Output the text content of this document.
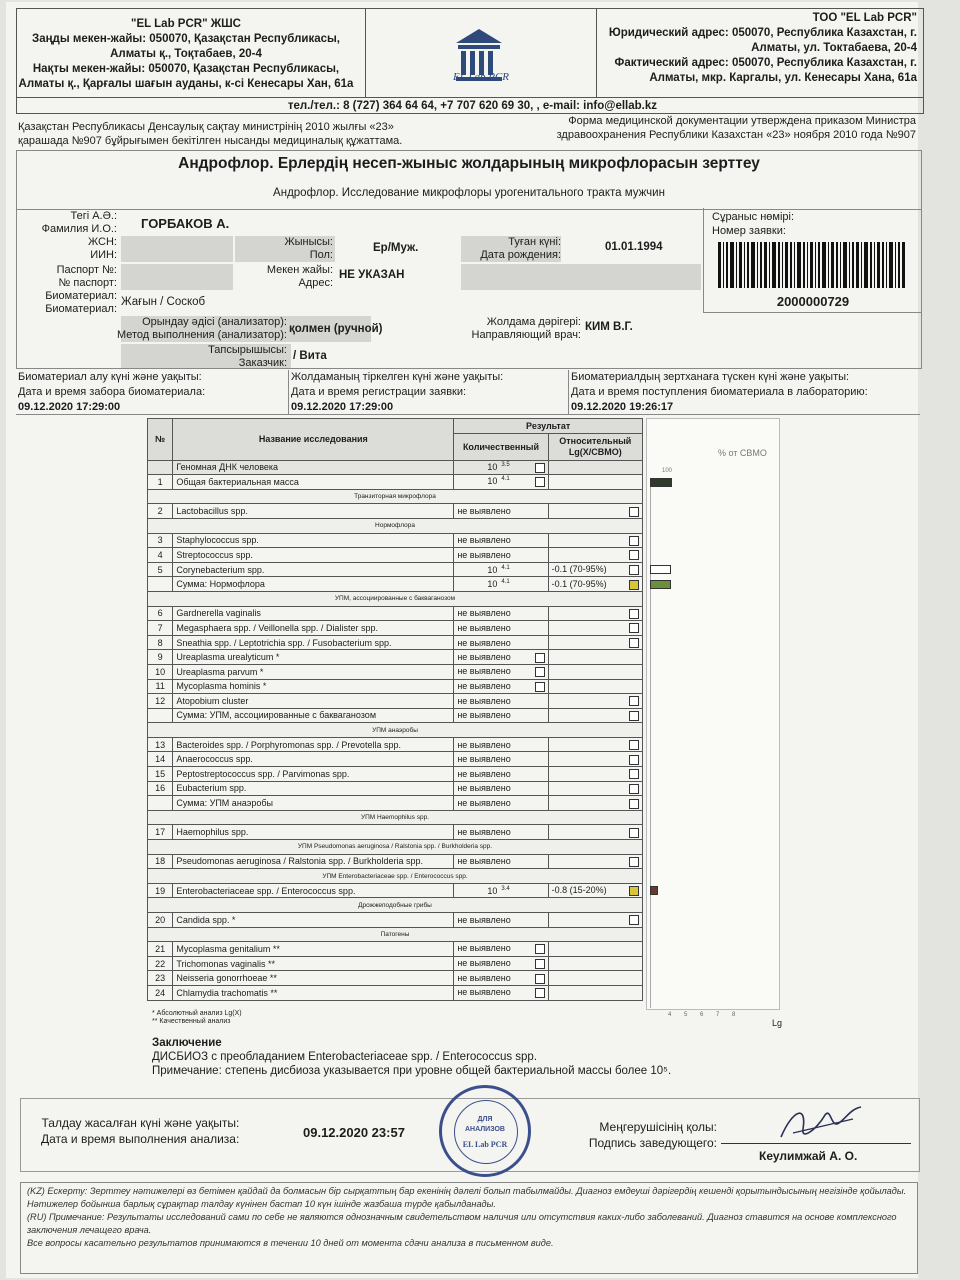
"EL Lab PCR" ЖШС
Заңды мекен-жайы: 050070, Қазақстан Республикасы,
Алматы қ., Тоқтабаев, 20-4
Нақты мекен-жайы: 050070, Қазақстан Республикасы,
Алматы қ., Қарғалы шағын ауданы, к-сі Кенесары Хан, 61а
EL Lab PCR
ТОО "EL Lab PCR"
Юридический адрес: 050070, Республика Казахстан, г.
Алматы, ул. Токтабаева, 20-4
Фактический адрес: 050070, Республика Казахстан, г.
Алматы, мкр. Каргалы, ул. Кенесары Хана, 61а
тел./тел.: 8 (727) 364 64 64, +7 707 620 69 30, , e-mail: info@ellab.kz
Қазақстан Республикасы Денсаулық сақтау министрінің 2010 жылғы «23»
қарашада №907 бұйрығымен бекітілген нысанды медициналық құжаттама.
Форма медицинской документации утверждена приказом Министра
здравоохранения Республики Казахстан «23» ноября 2010 года №907
Андрофлор. Ерлердің несеп-жыныс жолдарының микрофлорасын зерттеу
Андрофлор. Исследование микрофлоры урогенитального тракта мужчин
Тегі А.Ә.:
Фамилия И.О.: ГОРБАКОВ А.
ЖСН:
ИИН:
Паспорт №:
№ паспорт:
Биоматериал:
Биоматериал:
Жағын / Соскоб
Жынысы:
Пол:
Ер/Муж.
Мекен жайы:
Адрес:
НЕ УКАЗАН
Туған күні:
Дата рождения:
01.01.1994
Орындау әдісі (анализатор):
Метод выполнения (анализатор): қолмен (ручной)
Жолдама дәрігері:
Направляющий врач:
КИМ В.Г.
Тапсырышысы:
Заказчик:
/ Вита
Сұраныс нөмірі:
Номер заявки:
2000000729
Биоматериал алу күні және уақыты:
Дата и время забора биоматериала:
09.12.2020 17:29:00
Жолдаманың тіркелген күні және уақыты:
Дата и время регистрации заявки:
09.12.2020 17:29:00
Биоматериалдың зертханаға түскен күні және уақыты:
Дата и время поступления биоматериала в лабораторию:
09.12.2020 19:26:17
№	Название исследования	Результат	
		Количественный	Относительный Lg(X/СВМО)
	Геномная ДНК человека	10 $^{3.5}$

1	Общая бактериальная масса	10 $^{4.1}$

Транзиторная микрофлора			
2	Lactobacillus spp.	не выявлено	

Нормофлора			
3	Staphylococcus spp.	не выявлено	

4	Streptococcus spp.	не выявлено	

5	Corynebacterium spp.	10 $^{4.1}$	-0.1 (70-95%)

	Сумма: Нормофлора	10 $^{4.1}$	-0.1 (70-95%)

УПМ, ассоциированные с бакваганозом			
6	Gardnerella vaginalis	не выявлено	

7	Megasphaera spp. / Veillonella spp. / Dialister spp.	не выявлено	

8	Sneathia spp. / Leptotrichia spp. / Fusobacterium spp.	не выявлено	

9	Ureaplasma urealyticum *	не выявлено

10	Ureaplasma parvum *	не выявлено

11	Mycoplasma hominis *	не выявлено

12	Atopobium cluster	не выявлено	

	Сумма: УПМ, ассоциированные с бакваганозом	не выявлено	

УПМ анаэробы			
13	Bacteroides spp. / Porphyromonas spp. / Prevotella spp.	не выявлено	

14	Anaerococcus spp.	не выявлено	

15	Peptostreptococcus spp. / Parvimonas spp.	не выявлено	

16	Eubacterium spp.	не выявлено	

	Сумма: УПМ анаэробы	не выявлено	

УПМ Haemophilus spp.			
17	Haemophilus spp.	не выявлено	

УПМ Pseudomonas aeruginosa / Ralstonia spp. / Burkholderia spp.			
18	Pseudomonas aeruginosa / Ralstonia spp. / Burkholderia spp.	не выявлено	

УПМ Enterobacteriaceae spp. / Enterococcus spp.			
19	Enterobacteriaceae spp. / Enterococcus spp.	10 $^{3.4}$	-0.8 (15-20%)

Дрожжеподобные грибы			
20	Candida spp. *	не выявлено	

Патогены			
21	Mycoplasma genitalium **	не выявлено

22	Trichomonas vaginalis **	не выявлено

23	Neisseria gonorrhoeae **	не выявлено

24	Chlamydia trachomatis **	не выявлено

% от СВМО
100
4 5 6 7 8
Lg
* Абсолютный анализ Lg(X)
** Качественный анализ
Заключение
ДИСБИОЗ с преобладанием Enterobacteriaceae spp. / Enterococcus spp.
Примечание: степень дисбиоза указывается при уровне общей бактериальной массы более 10⁵.
Талдау жасалған күні және уақыты:
Дата и время выполнения анализа:	09.12.2020 23:57
ДЛЯ
АНАЛИЗОВ
EL Lab PCR
Меңгерушісінің қолы:
Подпись заведующего:
Кеулимжай А. О.
(KZ) Ескерту: Зерттеу нәтижелері өз бетімен қайдай да болмасын бір сырқаттың бар екенінің дәлелі болып табылмайды. Диагноз емдеуші дәрігердің кешенді қорытындысының негізінде қойылады.
Нәтижелер бойынша барлық сұрақтар талдау күнінен бастап 10 күн ішінде жазбаша түрде қабылданады.
(RU) Примечание: Результаты исследований сами по себе не являются однозначным свидетельством наличия или отсутствия каких-либо заболеваний. Диагноз ставится на основе комплексного заключения лечащего врача.
Все вопросы касательно результатов принимаются в течении 10 дней от момента сдачи анализа в письменном виде.
